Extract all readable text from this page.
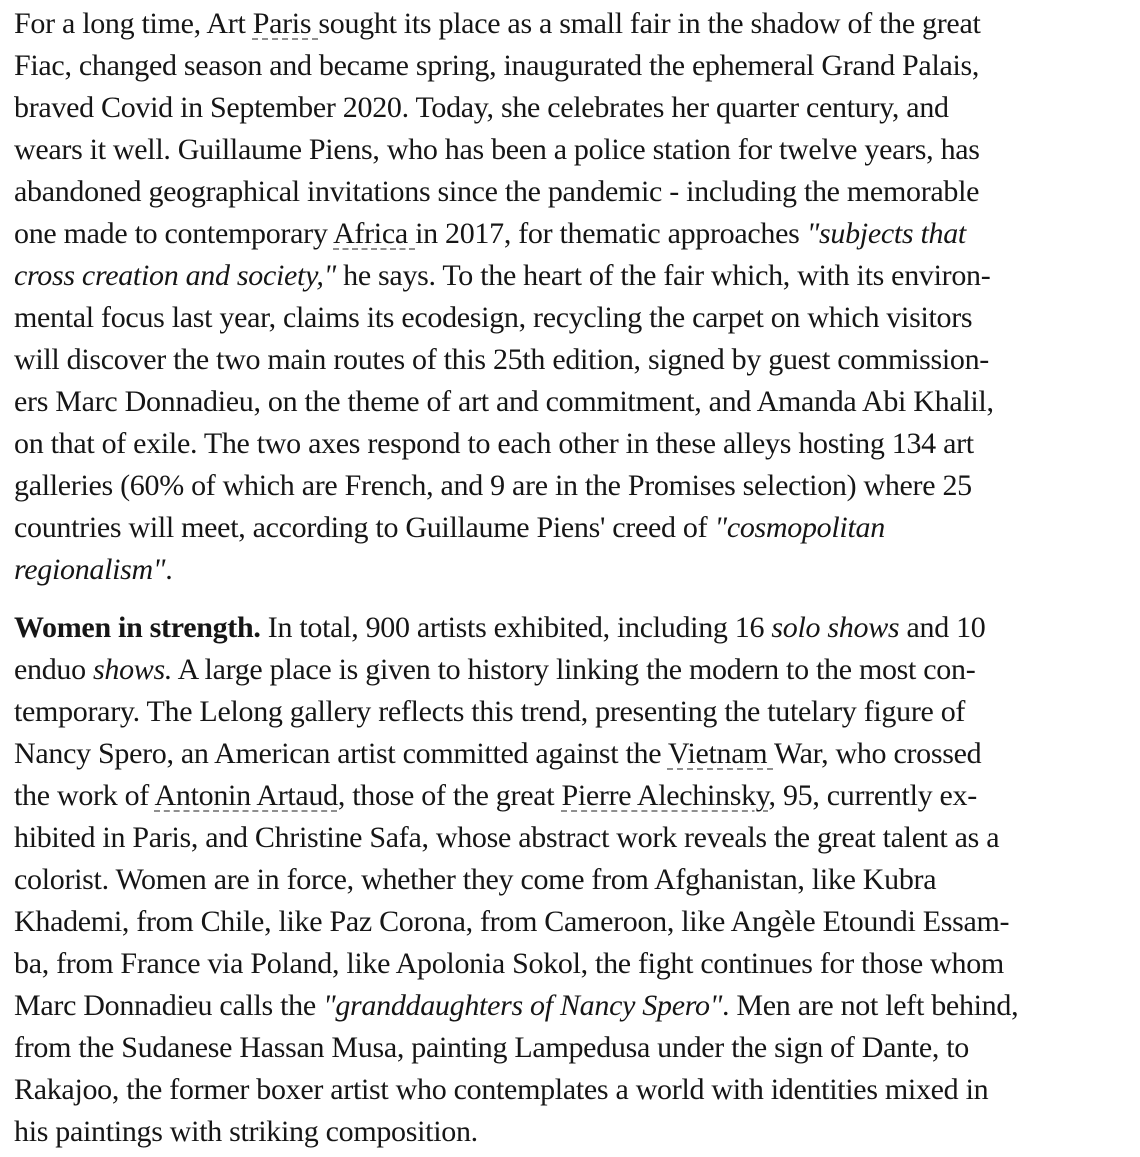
For a long time, Art Paris sought its place as a small fair in the shadow of the great
Fiac, changed season and became spring, inaugurated the ephemeral Grand Palais,
braved Covid in September 2020. Today, she celebrates her quarter century, and
wears it well. Guillaume Piens, who has been a police station for twelve years, has
abandoned geographical invitations since the pandemic - including the memorable
one made to contemporary Africa in 2017, for thematic approaches "subjects that
cross creation and society," he says. To the heart of the fair which, with its environ-
mental focus last year, claims its ecodesign, recycling the carpet on which visitors
will discover the two main routes of this 25th edition, signed by guest commission-
ers Marc Donnadieu, on the theme of art and commitment, and Amanda Abi Khalil,
on that of exile. The two axes respond to each other in these alleys hosting 134 art
galleries (60% of which are French, and 9 are in the Promises selection) where 25
countries will meet, according to Guillaume Piens' creed of "cosmopolitan
regionalism".

Women in strength. In total, 900 artists exhibited, including 16 solo shows and 10
enduo shows. A large place is given to history linking the modern to the most con-
temporary. The Lelong gallery reflects this trend, presenting the tutelary figure of
Nancy Spero, an American artist committed against the Vietnam War, who crossed
the work of Antonin Artaud, those of the great Pierre Alechinsky, 95, currently ex-
hibited in Paris, and Christine Safa, whose abstract work reveals the great talent as a
colorist. Women are in force, whether they come from Afghanistan, like Kubra
Khademi, from Chile, like Paz Corona, from Cameroon, like Angèle Etoundi Essam-
ba, from France via Poland, like Apolonia Sokol, the fight continues for those whom
Marc Donnadieu calls the "granddaughters of Nancy Spero". Men are not left behind,
from the Sudanese Hassan Musa, painting Lampedusa under the sign of Dante, to
Rakajoo, the former boxer artist who contemplates a world with identities mixed in
his paintings with striking composition.
